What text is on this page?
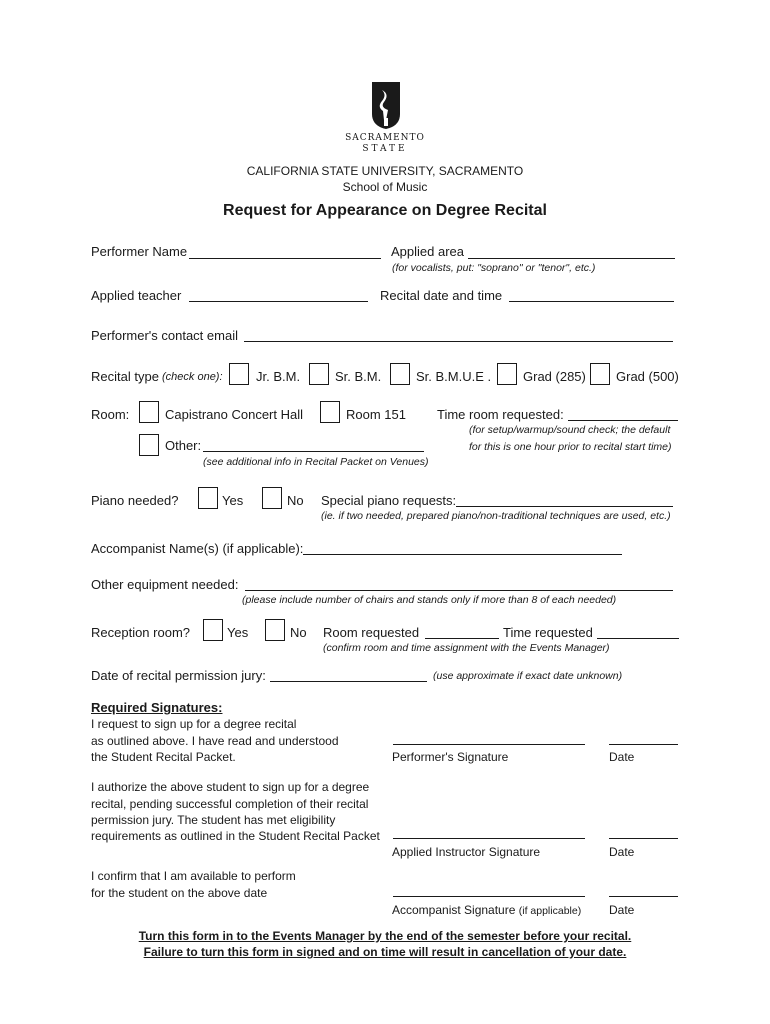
SACRAMENTO
STATE
CALIFORNIA STATE UNIVERSITY, SACRAMENTO
School of Music
Request for Appearance on Degree Recital
Performer Name	Applied area
(for vocalists, put: "soprano" or "tenor", etc.)
Applied teacher	Recital date and time
Performer's contact email
Recital type (check one):	Jr. B.M.	Sr. B.M.	Sr. B.M.U.E . Grad (285) Grad (500)
Room:	Capistrano Concert Hall	Room 151 Time room requested:
(for setup/warmup/sound check; the default
for this is one hour prior to recital start time)
Other:
(see additional info in Recital Packet on Venues)
Piano needed?	Yes	No Special piano requests:
(ie. if two needed, prepared piano/non-traditional techniques are used, etc.)
Accompanist Name(s) (if applicable):
Other equipment needed:
(please include number of chairs and stands only if more than 8 of each needed)
Reception room?	Yes	No Room requested	Time requested
(confirm room and time assignment with the Events Manager)
Date of recital permission jury:	(use approximate if exact date unknown)
Required Signatures:
I request to sign up for a degree recital
as outlined above. I have read and understood
the Student Recital Packet.	Performer's Signature	Date
I authorize the above student to sign up for a degree
recital, pending successful completion of their recital
permission jury. The student has met eligibility
requirements as outlined in the Student Recital Packet
Applied Instructor Signature	Date
I confirm that I am available to perform
for the student on the above date
Accompanist Signature (if applicable) Date
Turn this form in to the Events Manager by the end of the semester before your recital.
Failure to turn this form in signed and on time will result in cancellation of your date.
